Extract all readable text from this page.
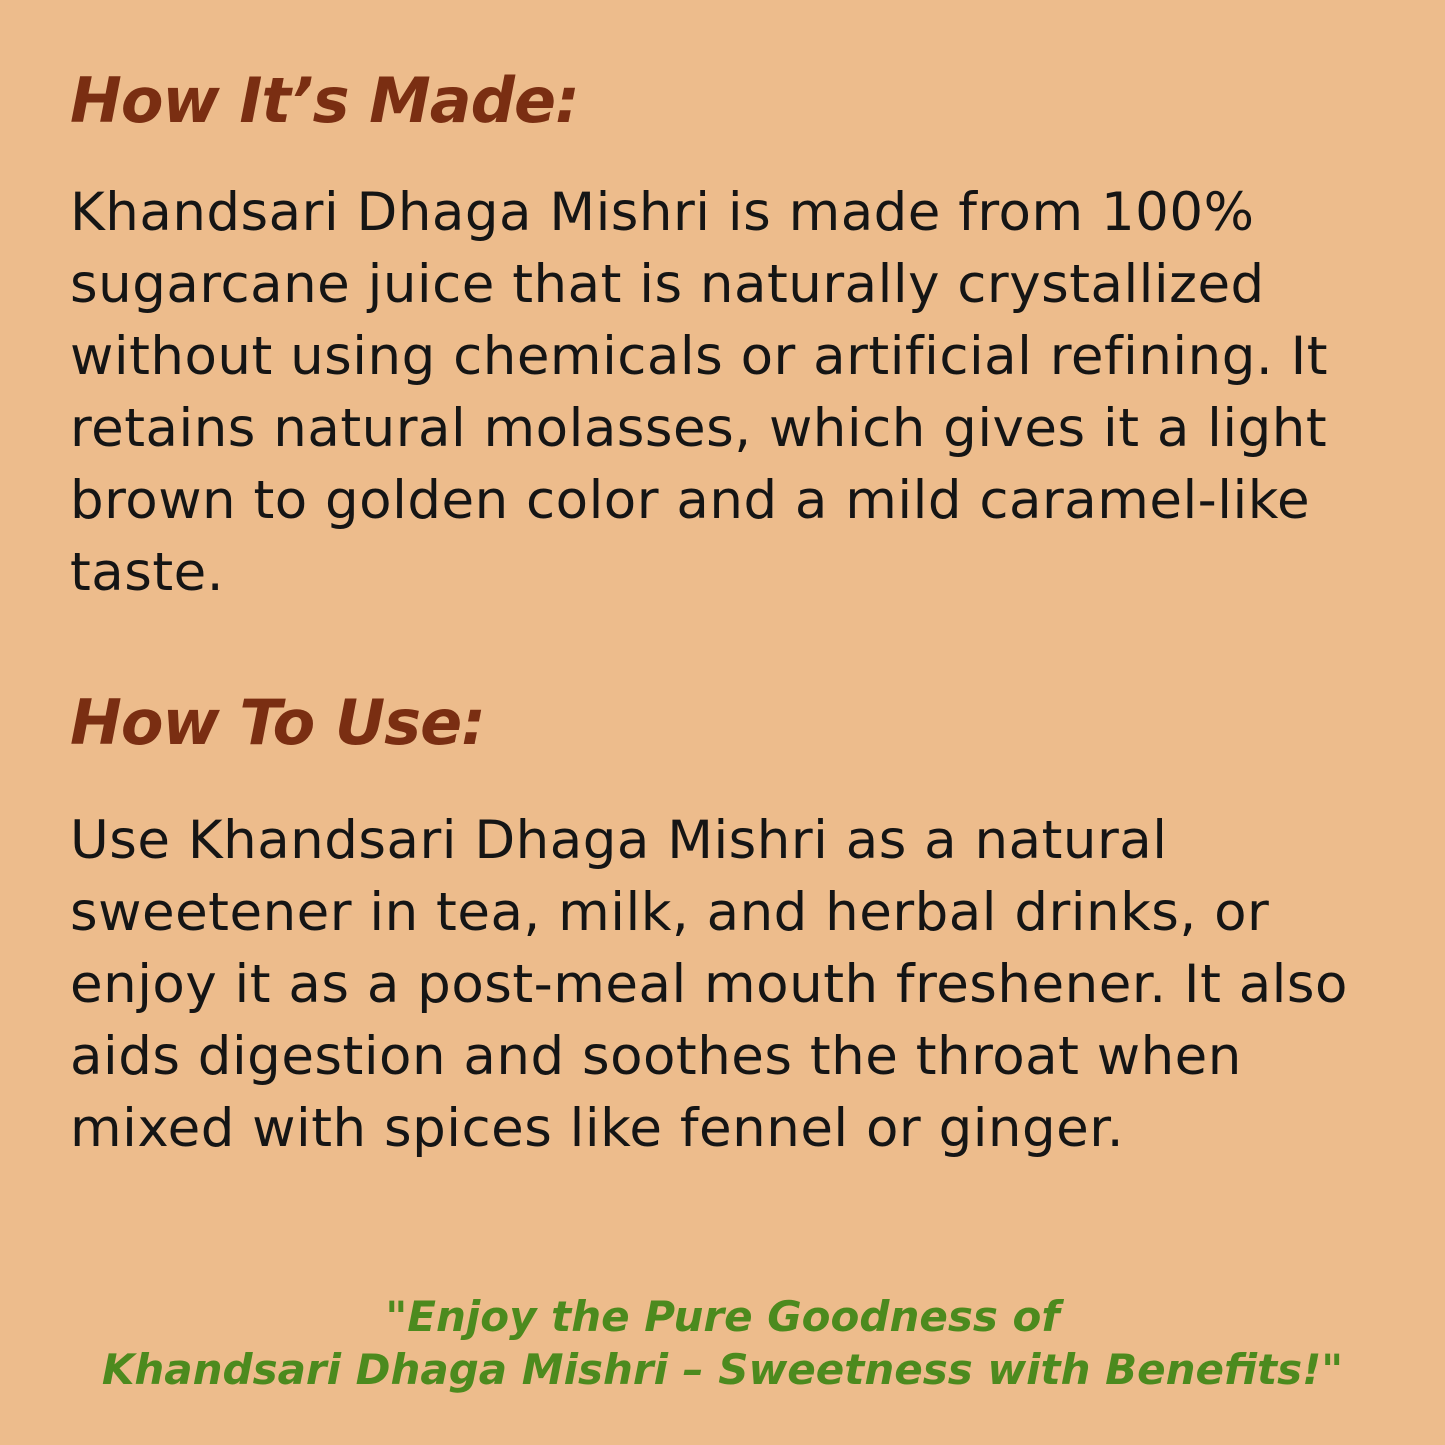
How It’s Made:

Khandsari Dhaga Mishri is made from 100% sugarcane juice that is naturally crystallized without using chemicals or artificial refining. It retains natural molasses, which gives it a light brown to golden color and a mild caramel-like taste.

How To Use:

Use Khandsari Dhaga Mishri as a natural sweetener in tea, milk, and herbal drinks, or enjoy it as a post-meal mouth freshener. It also aids digestion and soothes the throat when mixed with spices like fennel or ginger.

"Enjoy the Pure Goodness of
Khandsari Dhaga Mishri – Sweetness with Benefits!"
